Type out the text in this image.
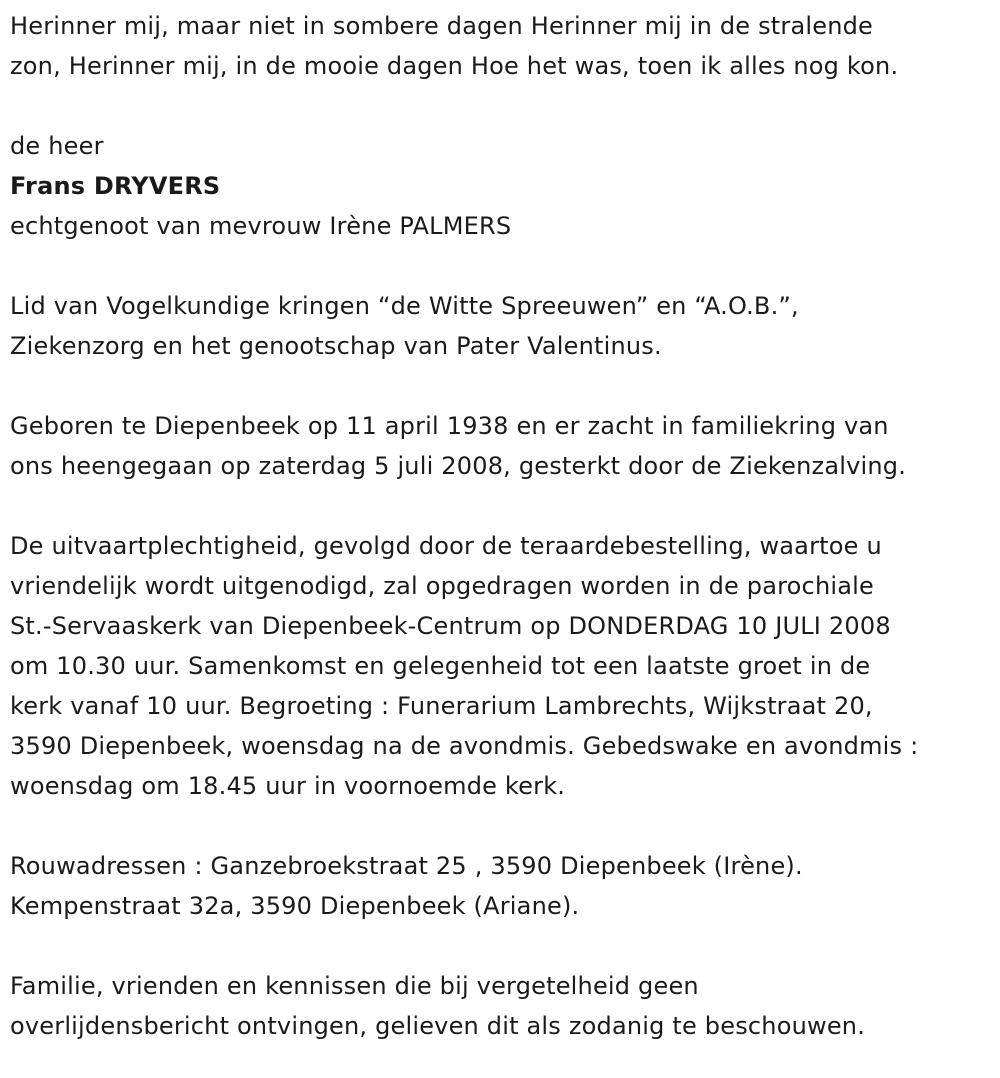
Herinner mij, maar niet in sombere dagen Herinner mij in de stralende
zon, Herinner mij, in de mooie dagen Hoe het was, toen ik alles nog kon.
de heer
Frans DRYVERS
echtgenoot van mevrouw Irène PALMERS
Lid van Vogelkundige kringen “de Witte Spreeuwen” en “A.O.B.”,
Ziekenzorg en het genootschap van Pater Valentinus.
Geboren te Diepenbeek op 11 april 1938 en er zacht in familiekring van
ons heengegaan op zaterdag 5 juli 2008, gesterkt door de Ziekenzalving.
De uitvaartplechtigheid, gevolgd door de teraardebestelling, waartoe u
vriendelijk wordt uitgenodigd, zal opgedragen worden in de parochiale
St.-Servaaskerk van Diepenbeek-Centrum op DONDERDAG 10 JULI 2008
om 10.30 uur. Samenkomst en gelegenheid tot een laatste groet in de
kerk vanaf 10 uur. Begroeting : Funerarium Lambrechts, Wijkstraat 20,
3590 Diepenbeek, woensdag na de avondmis. Gebedswake en avondmis :
woensdag om 18.45 uur in voornoemde kerk.
Rouwadressen : Ganzebroekstraat 25 , 3590 Diepenbeek (Irène).
Kempenstraat 32a, 3590 Diepenbeek (Ariane).
Familie, vrienden en kennissen die bij vergetelheid geen
overlijdensbericht ontvingen, gelieven dit als zodanig te beschouwen.
